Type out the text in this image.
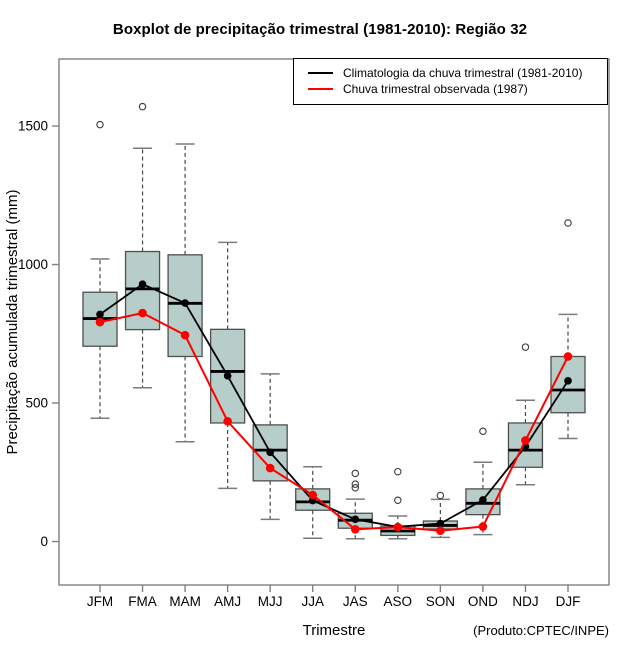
Boxplot de precipitação trimestral (1981-2010): Região 32
0
500
1000
1500
JFM FMA MAM AMJ MJJ JJA JAS ASO SON OND NDJ DJF
Climatologia da chuva trimestral (1981-2010)
Chuva trimestral observada (1987)
Precipitação acumulada trimestral (mm)
Trimestre	(Produto:CPTEC/INPE)
